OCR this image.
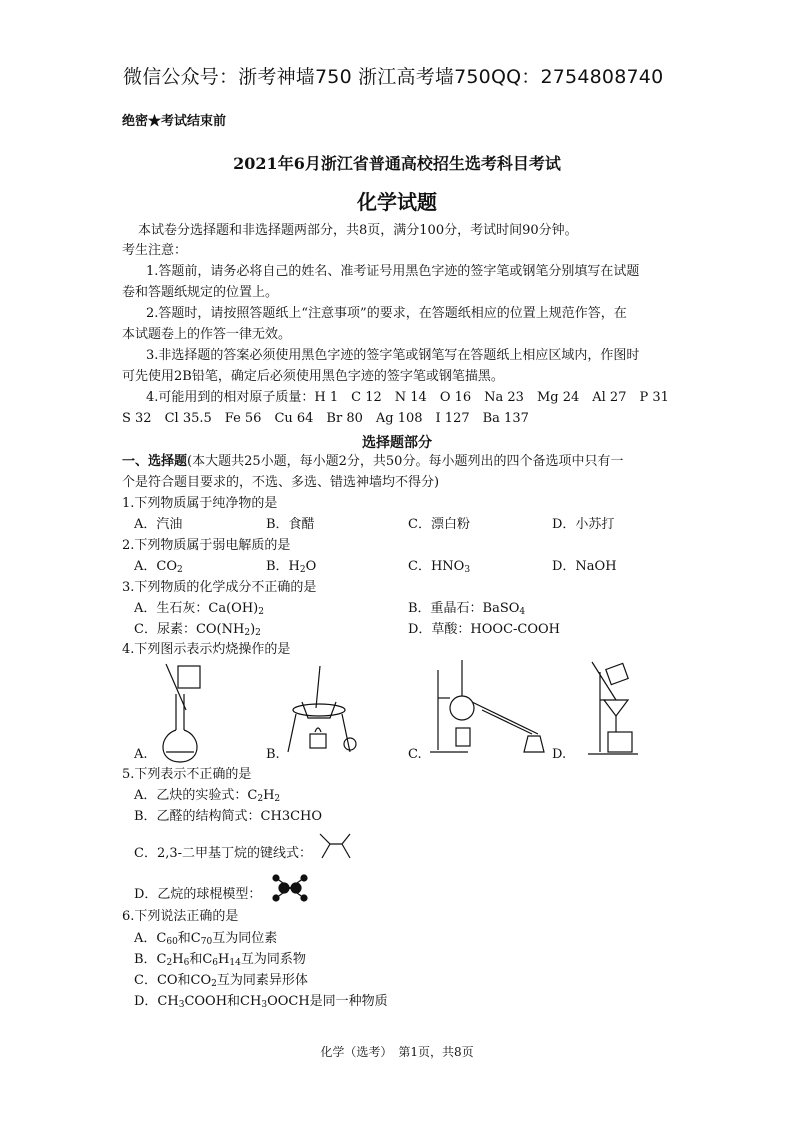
微信公众号：浙考神墙750 浙江高考墙750QQ：2754808740
绝密★考试结束前
2021年6月浙江省普通高校招生选考科目考试
化学试题
本试卷分选择题和非选择题两部分，共8页，满分100分，考试时间90分钟。
考生注意：
1.答题前，请务必将自己的姓名、准考证号用黑色字迹的签字笔或钢笔分别填写在试题
卷和答题纸规定的位置上。
2.答题时，请按照答题纸上“注意事项”的要求，在答题纸相应的位置上规范作答，在
本试题卷上的作答一律无效。
3.非选择题的答案必须使用黑色字迹的签字笔或钢笔写在答题纸上相应区域内，作图时
可先使用2B铅笔，确定后必须使用黑色字迹的签字笔或钢笔描黑。
4.可能用到的相对原子质量：H 1　C 12　N 14　O 16　Na 23　Mg 24　Al 27　P 31
S 32　Cl 35.5　Fe 56　Cu 64　Br 80　Ag 108　I 127　Ba 137
选择题部分
一、选择题(本大题共25小题，每小题2分，共50分。每小题列出的四个备选项中只有一
个是符合题目要求的，不选、多选、错选神墙均不得分)
1.下列物质属于纯净物的是
A．汽油	B．食醋	C．漂白粉	D．小苏打
2.下列物质属于弱电解质的是
A．$CO_2$	B．$H_2O$	C．$HNO_3$	D．NaOH
3.下列物质的化学成分不正确的是
A．生石灰：$Ca(OH)_2$	B．重晶石：BaSO$_4$
C．尿素：$CO(NH_2)_2$	D．草酸：HOOC-COOH
4.下列图示表示灼烧操作的是
A.	B.	C.	D.
5.下列表示不正确的是
A．乙炔的实验式：$C_2H_2$
B．乙醛的结构简式：CH3CHO
C．2,3-二甲基丁烷的键线式：
D．乙烷的球棍模型：
6.下列说法正确的是
A．$C_{60}$和$C_{70}$互为同位素
B．$C_2H_6$和$C_6H_{14}$互为同系物
C．CO和$CO_2$互为同素异形体
D．$CH_3COOH$和$CH_3OOCH$是同一种物质
化学（选考）　第1页，共8页
